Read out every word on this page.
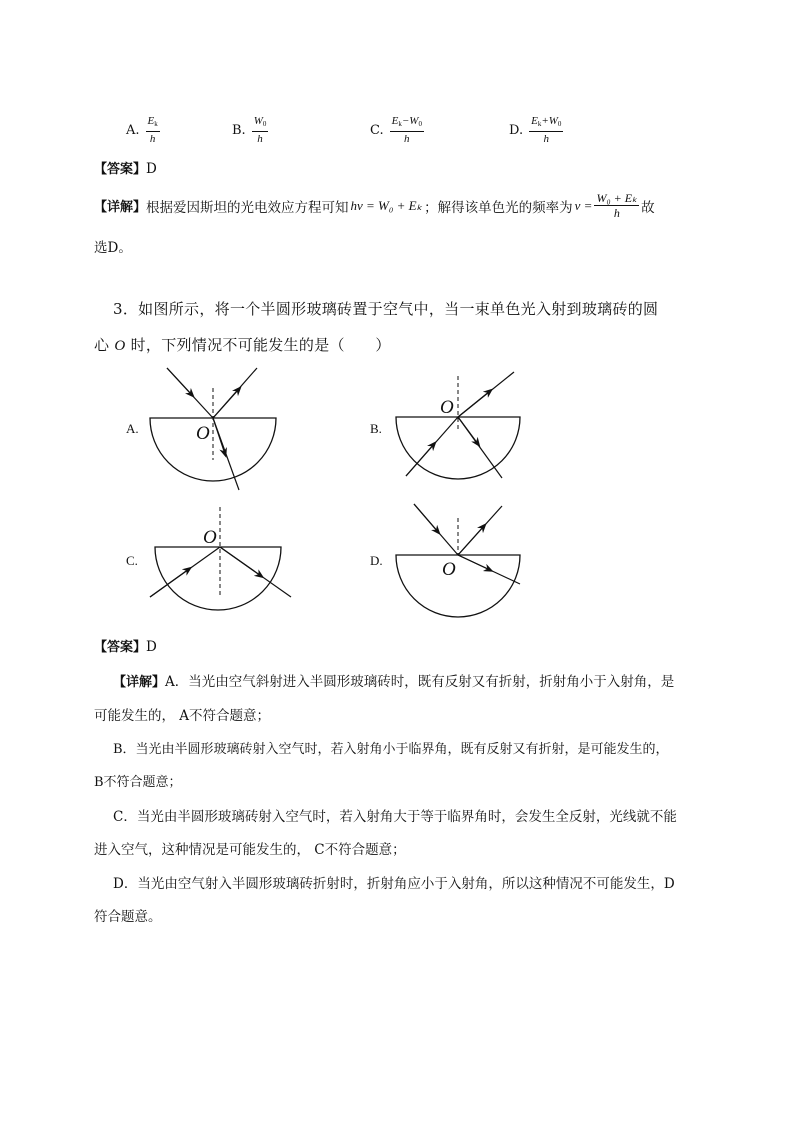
A. $\frac{E_k}{h}$	B. $\frac{W_0}{h}$	C. $\frac{E_k-W_0}{h}$	D. $\frac{E_k+W_0}{h}$
【答案】D
【详解】 根据爱因斯坦的光电效应方程可知 hν = W₀ + Eₖ ；解得该单色光的频率为 $\nu = \frac{\text{W₀ + Eₖ}}{h}$ 故
选D。
3．如图所示，将一个半圆形玻璃砖置于空气中，当一束单色光入射到玻璃砖的圆
心 O 时，下列情况不可能发生的是（　　）
A.	O	B.
O
C.
O
D.	O
【答案】D
【详解】A．当光由空气斜射进入半圆形玻璃砖时，既有反射又有折射，折射角小于入射角，是
可能发生的， A不符合题意；
B．当光由半圆形玻璃砖射入空气时，若入射角小于临界角，既有反射又有折射，是可能发生的，
B不符合题意；
C．当光由半圆形玻璃砖射入空气时，若入射角大于等于临界角时，会发生全反射，光线就不能
进入空气，这种情况是可能发生的， C不符合题意；
D．当光由空气射入半圆形玻璃砖折射时，折射角应小于入射角，所以这种情况不可能发生，D
符合题意。
